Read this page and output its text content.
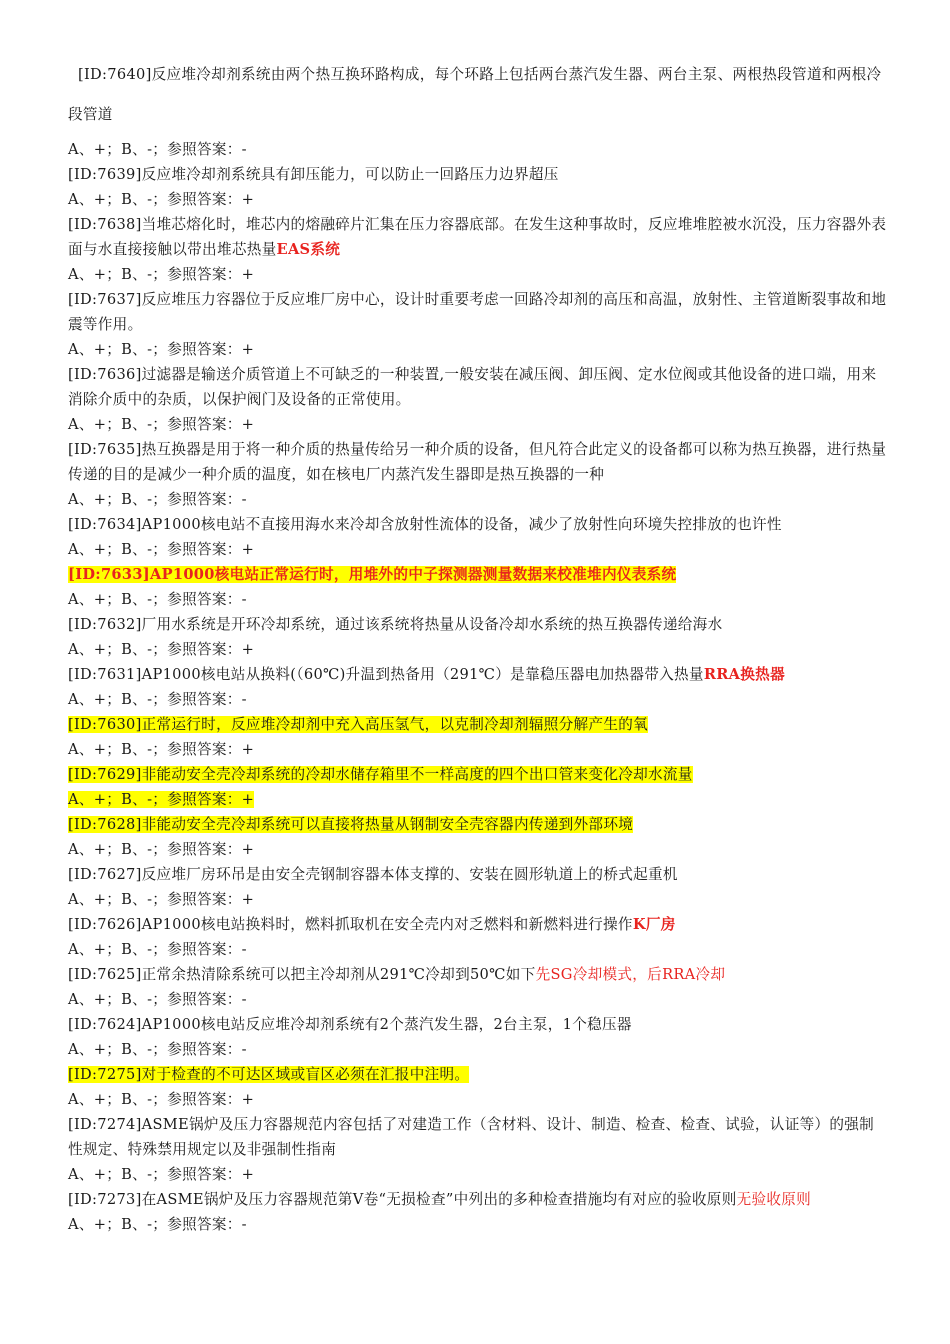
[ID:7640]反应堆冷却剂系统由两个热互换环路构成，每个环路上包括两台蒸汽发生器、两台主泵、两根热段管道和两根冷段管道
A、+；B、-；参照答案：-
[ID:7639]反应堆冷却剂系统具有卸压能力，可以防止一回路压力边界超压
A、+；B、-；参照答案：+
[ID:7638]当堆芯熔化时，堆芯内的熔融碎片汇集在压力容器底部。在发生这种事故时，反应堆堆腔被水沉没，压力容器外表面与水直接接触以带出堆芯热量EAS系统
A、+；B、-；参照答案：+
[ID:7637]反应堆压力容器位于反应堆厂房中心，设计时重要考虑一回路冷却剂的高压和高温，放射性、主管道断裂事故和地震等作用。
A、+；B、-；参照答案：+
[ID:7636]过滤器是输送介质管道上不可缺乏的一种装置,一般安装在减压阀、卸压阀、定水位阀或其他设备的进口端，用来消除介质中的杂质，以保护阀门及设备的正常使用。
A、+；B、-；参照答案：+
[ID:7635]热互换器是用于将一种介质的热量传给另一种介质的设备，但凡符合此定义的设备都可以称为热互换器，进行热量传递的目的是减少一种介质的温度，如在核电厂内蒸汽发生器即是热互换器的一种
A、+；B、-；参照答案：-
[ID:7634]AP1000核电站不直接用海水来冷却含放射性流体的设备，减少了放射性向环境失控排放的也许性
A、+；B、-；参照答案：+
[ID:7633]AP1000核电站正常运行时，用堆外的中子探测器测量数据来校准堆内仪表系统
A、+；B、-；参照答案：-
[ID:7632]厂用水系统是开环冷却系统，通过该系统将热量从设备冷却水系统的热互换器传递给海水
A、+；B、-；参照答案：+
[ID:7631]AP1000核电站从换料(（60℃)升温到热备用（291℃）是靠稳压器电加热器带入热量RRA换热器
A、+；B、-；参照答案：-
[ID:7630]正常运行时，反应堆冷却剂中充入高压氢气，以克制冷却剂辐照分解产生的氧
A、+；B、-；参照答案：+
[ID:7629]非能动安全壳冷却系统的冷却水储存箱里不一样高度的四个出口管来变化冷却水流量
A、+；B、-；参照答案：+
[ID:7628]非能动安全壳冷却系统可以直接将热量从钢制安全壳容器内传递到外部环境
A、+；B、-；参照答案：+
[ID:7627]反应堆厂房环吊是由安全壳钢制容器本体支撑的、安装在圆形轨道上的桥式起重机
A、+；B、-；参照答案：+
[ID:7626]AP1000核电站换料时，燃料抓取机在安全壳内对乏燃料和新燃料进行操作K厂房
A、+；B、-；参照答案：-
[ID:7625]正常余热清除系统可以把主冷却剂从291℃冷却到50℃如下先SG冷却模式，后RRA冷却
A、+；B、-；参照答案：-
[ID:7624]AP1000核电站反应堆冷却剂系统有2个蒸汽发生器，2台主泵，1个稳压器
A、+；B、-；参照答案：-
[ID:7275]对于检查的不可达区域或盲区必须在汇报中注明。
A、+；B、-；参照答案：+
[ID:7274]ASME锅炉及压力容器规范内容包括了对建造工作（含材料、设计、制造、检查、检查、试验，认证等）的强制性规定、特殊禁用规定以及非强制性指南
A、+；B、-；参照答案：+
[ID:7273]在ASME锅炉及压力容器规范第Ⅴ卷“无损检查”中列出的多种检查措施均有对应的验收原则无验收原则
A、+；B、-；参照答案：-
